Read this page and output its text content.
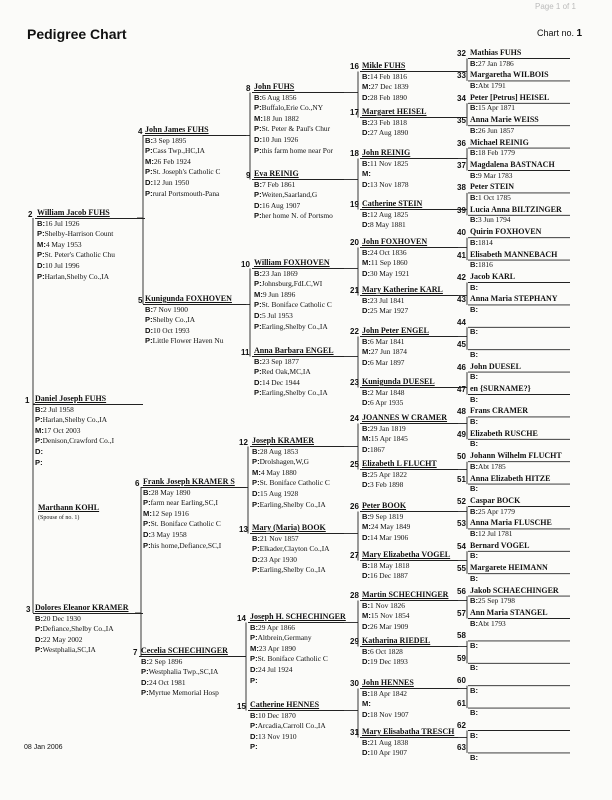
Page 1 of 1
Pedigree Chart	Chart no. 1
08 Jan 2006
1 Daniel Joseph FUHS
B:2 Jul 1958
P:Harlan,Shelby Co.,IA
M:17 Oct 2003
P:Denison,Crawford Co.,I
D:
P:
2 William Jacob FUHS
B:16 Jul 1926
P:Shelby-Harrison Count
M:4 May 1953
P:St. Peter's Catholic Chu
D:10 Jul 1996
P:Harlan,Shelby Co.,IA
3 Dolores Eleanor KRAMER
B:20 Dec 1930
P:Defiance,Shelby Co.,IA
D:22 May 2002
P:Westphalia,SC,IA
4 John James FUHS
B:3 Sep 1895
P:Cass Twp.,HC,IA
M:26 Feb 1924
P:St. Joseph's Catholic C
D:12 Jun 1950
P:rural Portsmouth-Pana
5 Kunigunda FOXHOVEN
B:7 Nov 1900
P:Shelby Co.,IA
D:10 Oct 1993
P:Little Flower Haven Nu
6 Frank Joseph KRAMER S
B:28 May 1890
P:farm near Earling,SC,I
M:12 Sep 1916
P:St. Boniface Catholic C
D:3 May 1958
P:his home,Defiance,SC,I
7 Cecelia SCHECHINGER
B:2 Sep 1896
P:Westphalia Twp.,SC,IA
D:24 Oct 1981
P:Myrtue Memorial Hosp
8 John FUHS
B:6 Aug 1856
P:Buffalo,Erie Co.,NY
M:18 Jun 1882
P:St. Peter & Paul's Chur
D:10 Jun 1926
P:this farm home near Por
9 Eva REINIG
B:7 Feb 1861
P:Weiten,Saarland,G
D:16 Aug 1907
P:her home N. of Portsmo
10 William FOXHOVEN
B:23 Jan 1869
P:Johnsburg,FdLC,WI
M:9 Jun 1896
P:St. Boniface Catholic C
D:5 Jul 1953
P:Earling,Shelby Co.,IA
11 Anna Barbara ENGEL
B:23 Sep 1877
P:Red Oak,MC,IA
D:14 Dec 1944
P:Earling,Shelby Co.,IA
12 Joseph KRAMER
B:28 Aug 1853
P:Drolshagen,W,G
M:4 May 1880
P:St. Boniface Catholic C
D:15 Aug 1928
P:Earling,Shelby Co.,IA
13 Mary (Maria) BOOK
B:21 Nov 1857
P:Elkader,Clayton Co.,IA
D:23 Apr 1930
P:Earling,Shelby Co.,IA
14 Joseph H. SCHECHINGER
B:29 Apr 1866
P:Altbrein,Germany
M:23 Apr 1890
P:St. Boniface Catholic C
D:24 Jul 1924
P:
15 Catherine HENNES
B:10 Dec 1870
P:Arcadia,Carroll Co.,IA
D:13 Nov 1910
P:
16 Mikle FUHS
B:14 Feb 1816
M:27 Dec 1839
D:28 Feb 1890
17 Margaret HEISEL
B:23 Feb 1818
D:27 Aug 1890
18 John REINIG
B:11 Nov 1825
M:
D:13 Nov 1878
19 Catherine STEIN
B:12 Aug 1825
D:8 May 1881
20 John FOXHOVEN
B:24 Oct 1836
M:11 Sep 1860
D:30 May 1921
21 Mary Katherine KARL
B:23 Jul 1841
D:25 Mar 1927
22 John Peter ENGEL
B:6 Mar 1841
M:27 Jun 1874
D:6 Mar 1897
23 Kunigunda DUESEL
B:2 Mar 1848
D:6 Apr 1935
24 JOANNES W CRAMER
B:29 Jan 1819
M:15 Apr 1845
D:1867
25 Elizabeth L FLUCHT
B:25 Apr 1822
D:3 Feb 1898
26 Peter BOOK
B:9 Sep 1819
M:24 May 1849
D:14 Mar 1906
27 Mary Elizabetha VOGEL
B:18 May 1818
D:16 Dec 1887
28 Martin SCHECHINGER
B:1 Nov 1826
M:15 Nov 1854
D:26 Mar 1909
29 Katharina RIEDEL
B:6 Oct 1828
D:19 Dec 1893
30 John HENNES
B:18 Apr 1842
M:
D:18 Nov 1907
31 Mary Elisabatha TRESCH
B:21 Aug 1838
D:10 Apr 1907
32 Mathias FUHS
B:27 Jan 1786
33 Margaretha WILBOIS
B:Abt 1791
34 Peter [Petrus] HEISEL
B:15 Apr 1871
35 Anna Marie WEISS
B:26 Jun 1857
36 Michael REINIG
B:18 Feb 1779
37 Magdalena BASTNACH
B:9 Mar 1783
38 Peter STEIN
B:1 Oct 1785
39 Lucia Anna BILTZINGER
B:3 Jun 1794
40 Quirin FOXHOVEN
B:1814
41 Elisabeth MANNEBACH
B:1816
42 Jacob KARL
B:
43 Anna Maria STEPHANY
B:
44

B:
45

B:
46 John DUESEL
B:
47 en {SURNAME?}
B:
48 Frans CRAMER
B:
49 Elizabeth RUSCHE
B:
50 Johann Wilhelm FLUCHT
B:Abt 1785
51 Anna Elizabeth HITZE
B:
52 Caspar BOCK
B:25 Apr 1779
53 Anna Maria FLUSCHE
B:12 Jul 1781
54 Bernard VOGEL
B:
55 Margarete HEIMANN
B:
56 Jakob SCHAECHINGER
B:25 Sep 1798
57 Ann Maria STANGEL
B:Abt 1793
58

B:
59

B:
60

B:
61

B:
62

B:
63

B:
Marthann KOHL
(Spouse of no. 1)
